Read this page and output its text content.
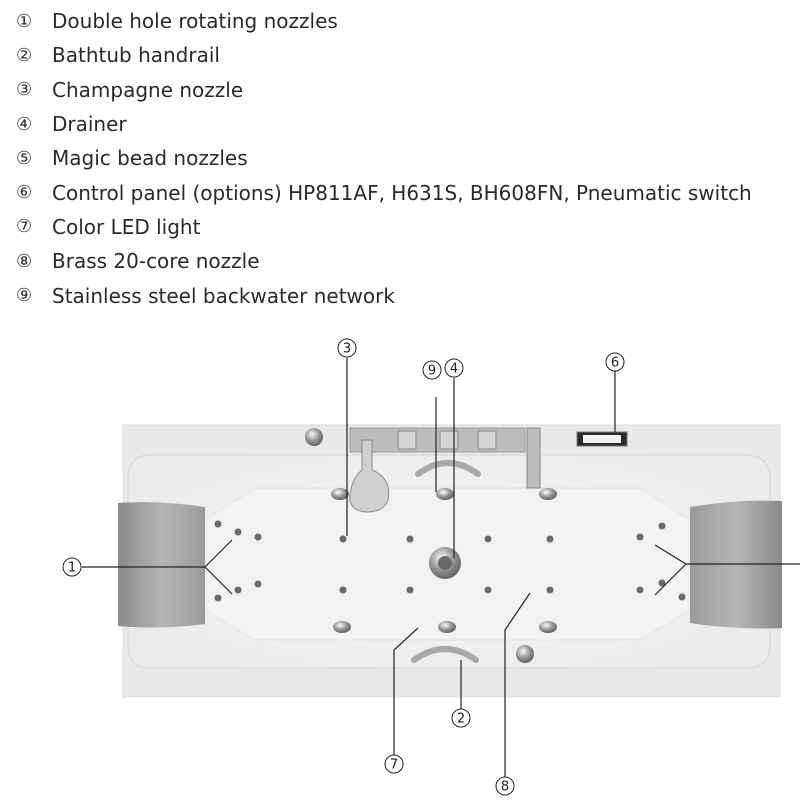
① Double hole rotating nozzles
② Bathtub handrail
③ Champagne nozzle
④ Drainer
⑤ Magic bead nozzles
⑥ Control panel (options) HP811AF, H631S, BH608FN, Pneumatic switch
⑦ Color LED light
⑧ Brass 20-core nozzle
⑨ Stainless steel backwater network
1
3
9 4	6
2
7
8
